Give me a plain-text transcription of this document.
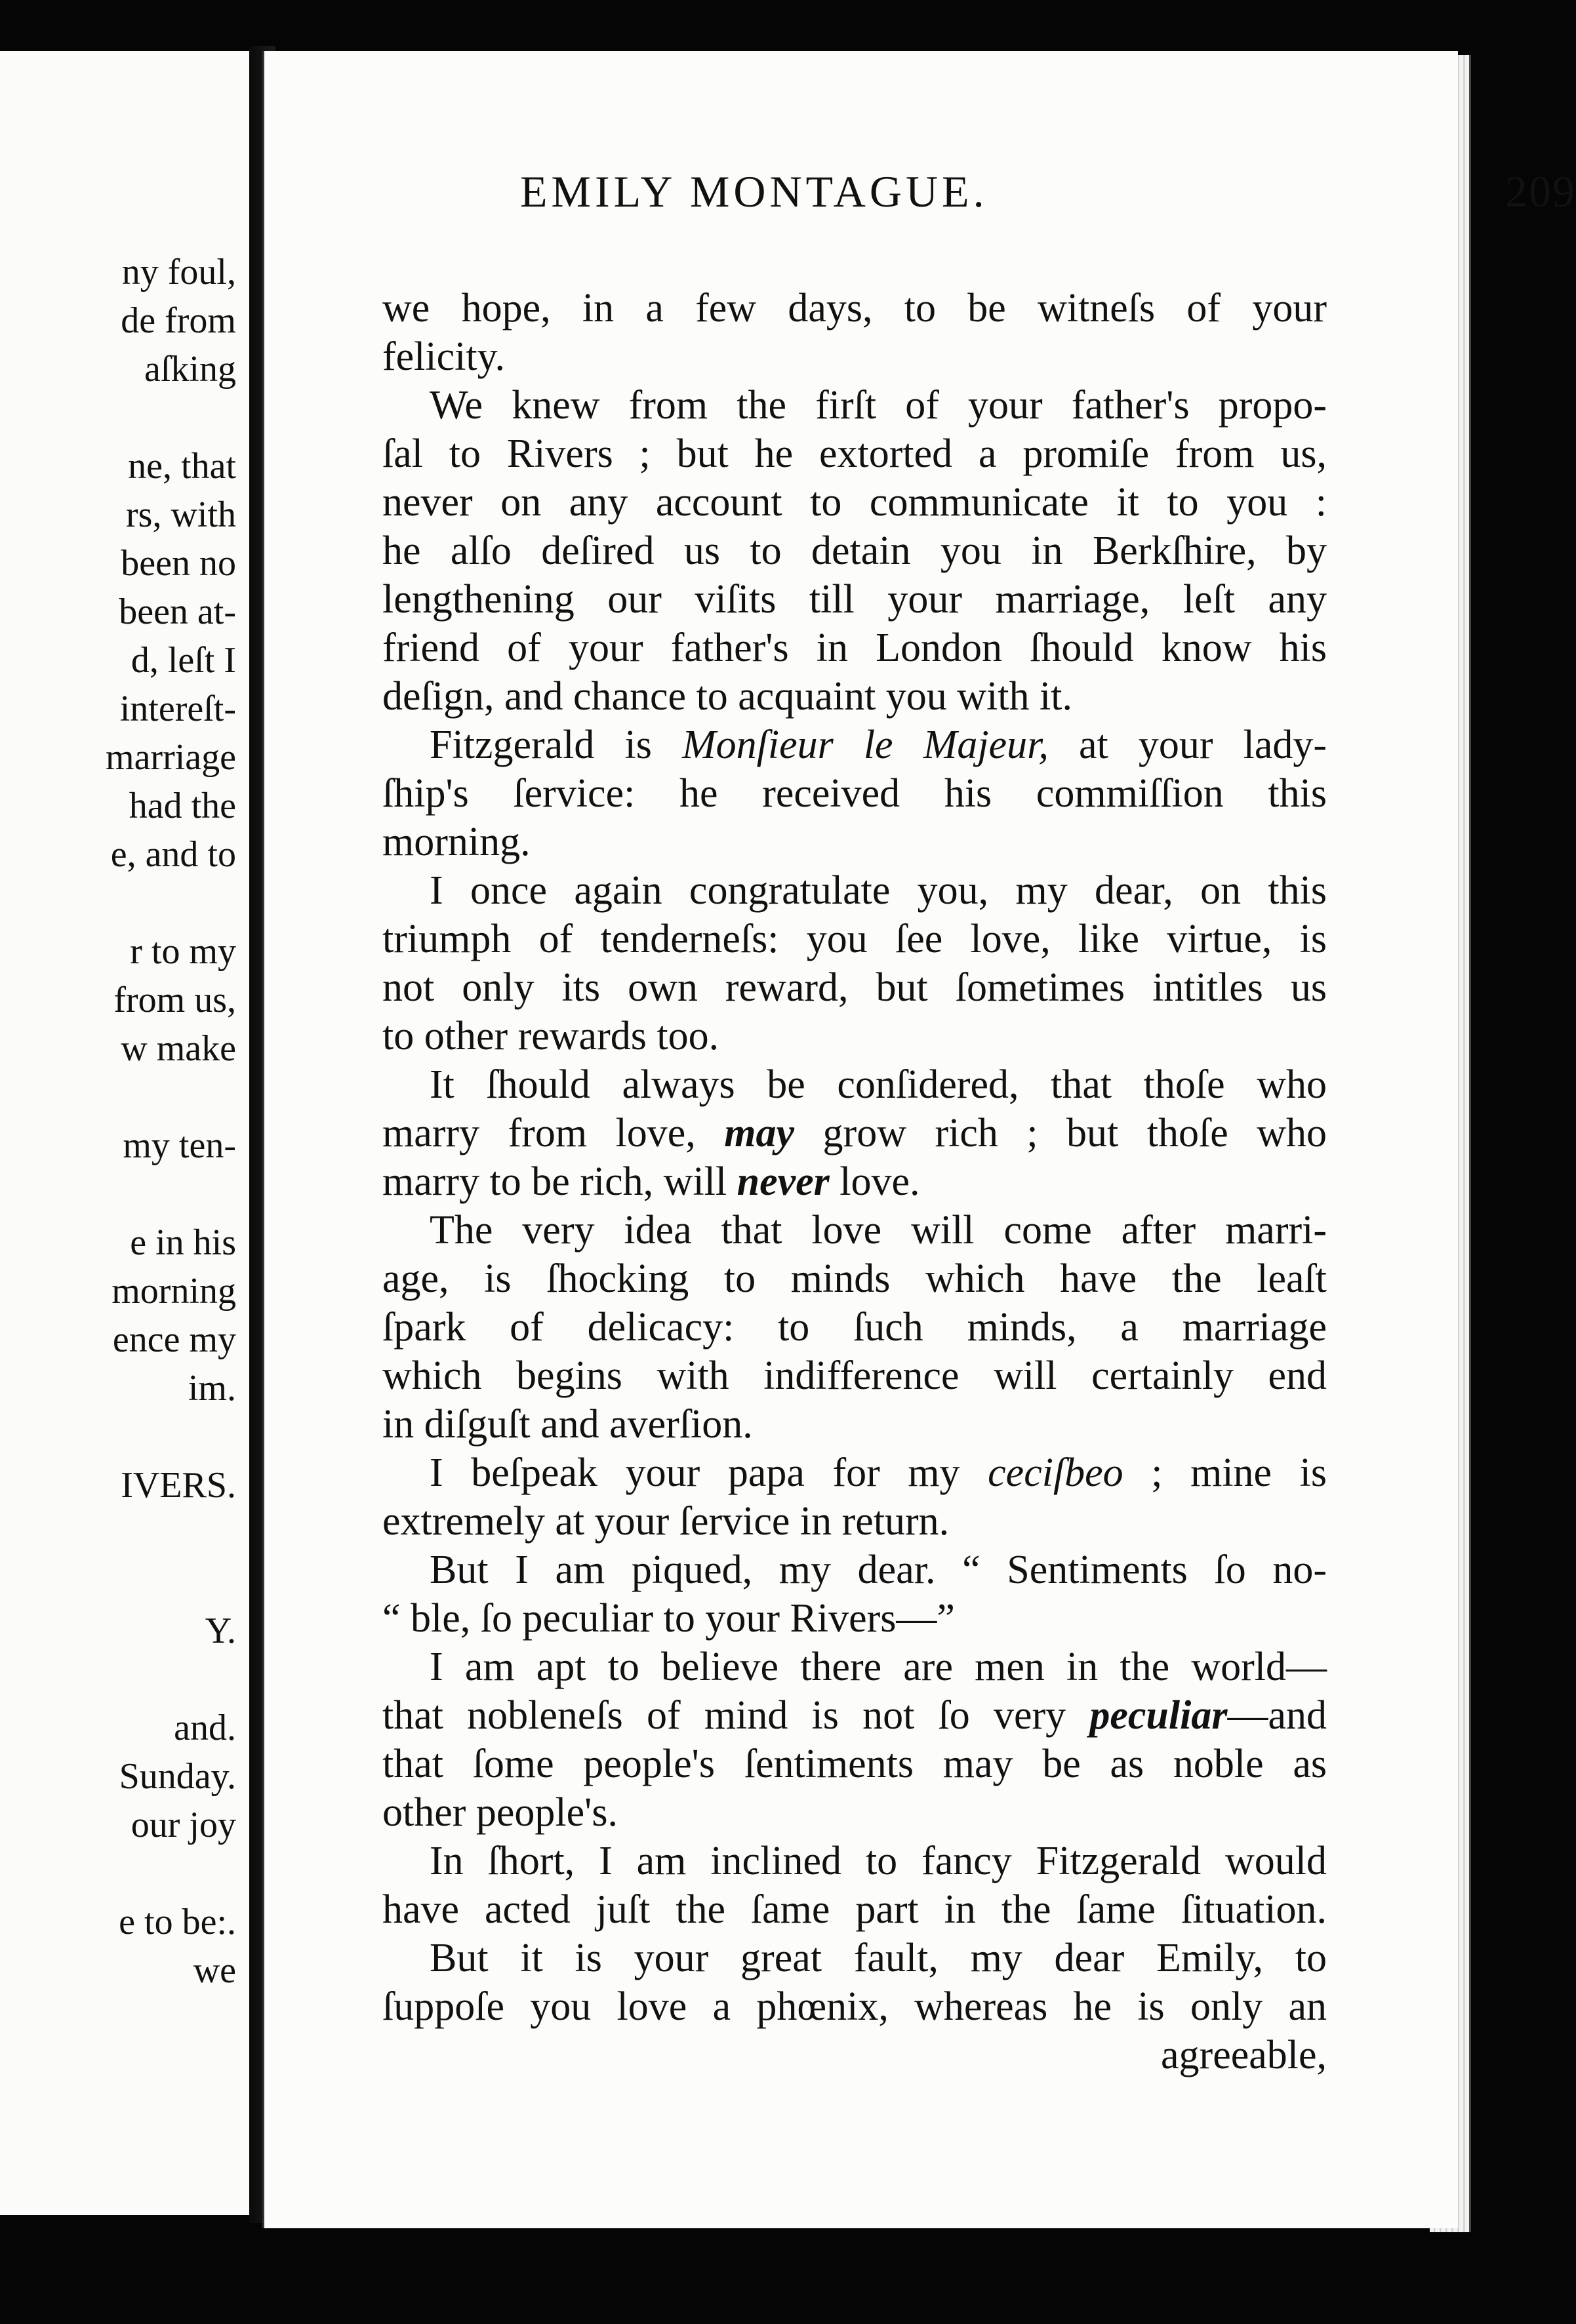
ny foul,
de from
aſking
ne, that
rs, with
been no
been at-
d, leſt I
intereſt-
marriage
had the
e, and to
r to my
from us,
w make
my ten-
e in his
morning
ence my
im.
IVERS.
Y.
and.
Sunday.
our joy
e to be:.
we
EMILY MONTAGUE.	209
we hope, in a few days, to be witneſs of your
felicity.
We knew from the firſt of your father's propo-
ſal to Rivers ; but he extorted a promiſe from us,
never on any account to communicate it to you :
he alſo deſired us to detain you in Berkſhire, by
lengthening our viſits till your marriage, leſt any
friend of your father's in London ſhould know his
deſign, and chance to acquaint you with it.
Fitzgerald is Monſieur le Majeur, at your lady-
ſhip's ſervice: he received his commiſſion this
morning.
I once again congratulate you, my dear, on this
triumph of tenderneſs: you ſee love, like virtue, is
not only its own reward, but ſometimes intitles us
to other rewards too.
It ſhould always be conſidered, that thoſe who
marry from love, may grow rich ; but thoſe who
marry to be rich, will never love.
The very idea that love will come after marri-
age, is ſhocking to minds which have the leaſt
ſpark of delicacy: to ſuch minds, a marriage
which begins with indifference will certainly end
in diſguſt and averſion.
I beſpeak your papa for my ceciſbeo ; mine is
extremely at your ſervice in return.
But I am piqued, my dear. “ Sentiments ſo no-
“ ble, ſo peculiar to your Rivers—”
I am apt to believe there are men in the world—
that nobleneſs of mind is not ſo very peculiar—and
that ſome people's ſentiments may be as noble as
other people's.
In ſhort, I am inclined to fancy Fitzgerald would
have acted juſt the ſame part in the ſame ſituation.
But it is your great fault, my dear Emily, to
ſuppoſe you love a phœnix, whereas he is only an
agreeable,
